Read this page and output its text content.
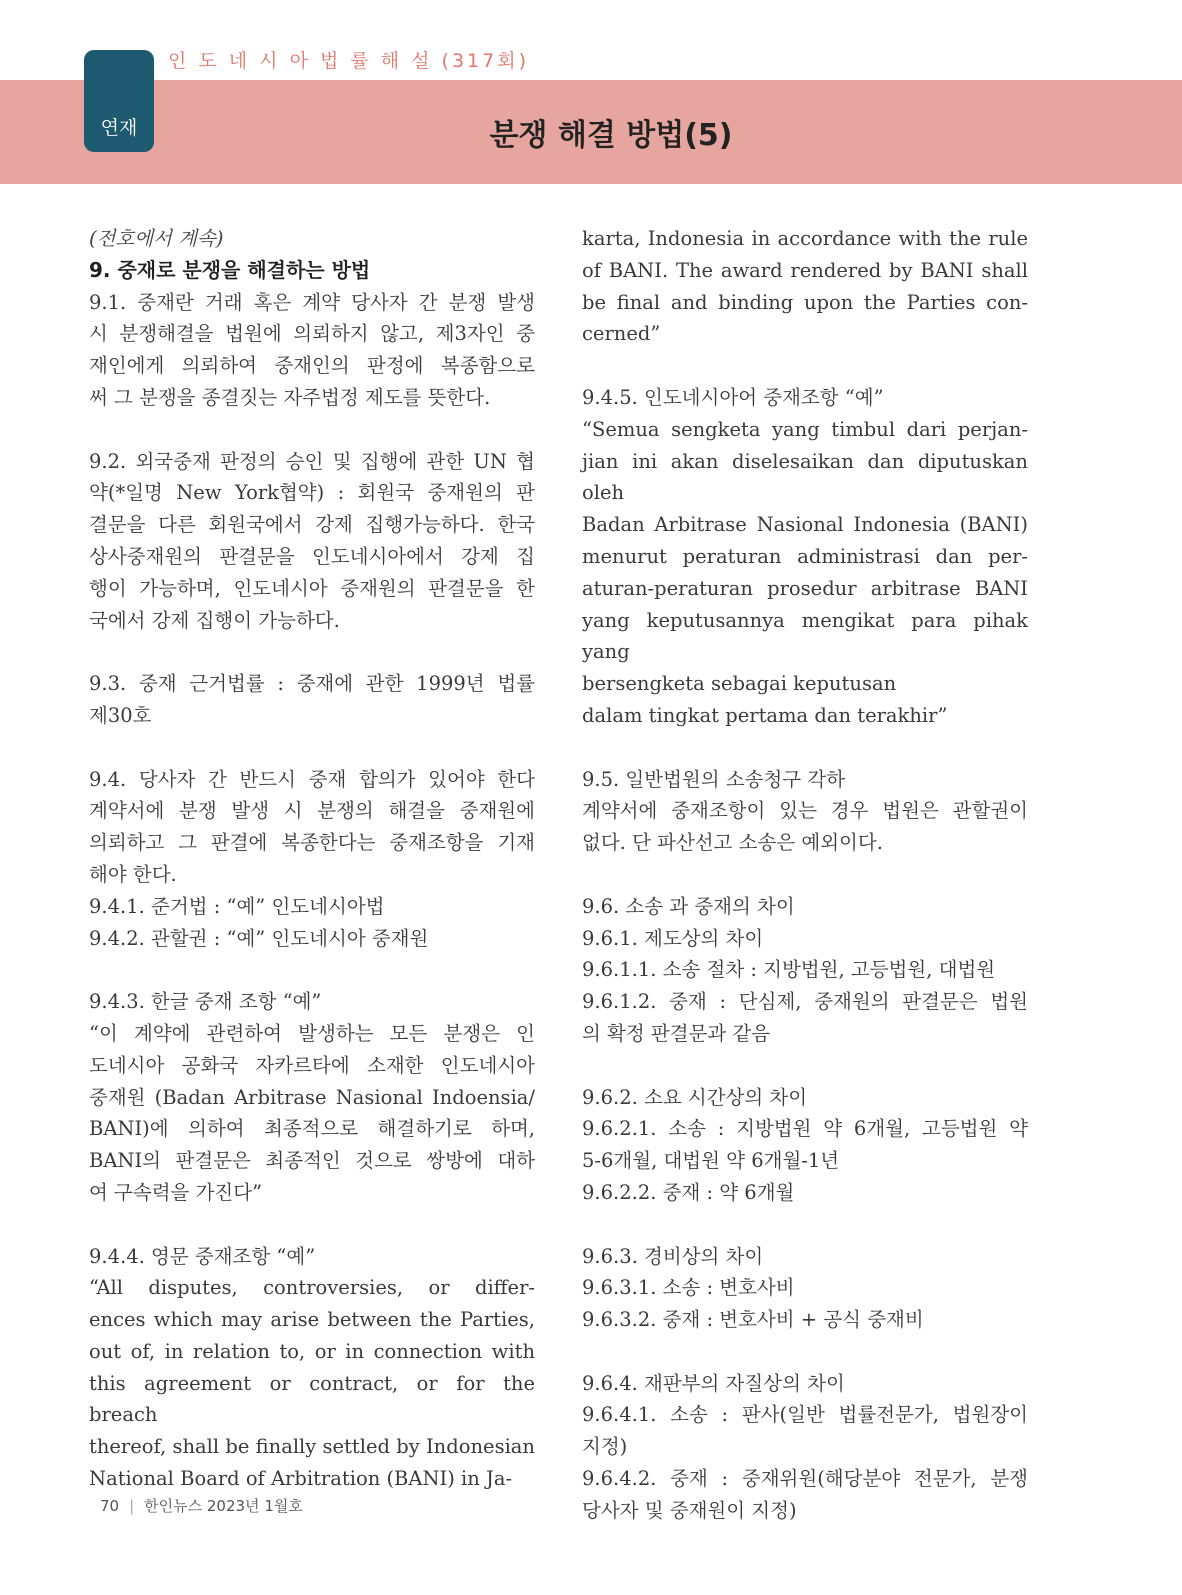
인 도 네 시 아 법 률 해 설 (317회)
연재	분쟁 해결 방법(5)
(전호에서 계속)
9. 중재로 분쟁을 해결하는 방법
9.1. 중재란 거래 혹은 계약 당사자 간 분쟁 발생
시 분쟁해결을 법원에 의뢰하지 않고, 제3자인 중
재인에게 의뢰하여 중재인의 판정에 복종함으로
써 그 분쟁을 종결짓는 자주법정 제도를 뜻한다.
9.2. 외국중재 판정의 승인 및 집행에 관한 UN 협
약(*일명 New York협약) : 회원국 중재원의 판
결문을 다른 회원국에서 강제 집행가능하다. 한국
상사중재원의 판결문을 인도네시아에서 강제 집
행이 가능하며, 인도네시아 중재원의 판결문을 한
국에서 강제 집행이 가능하다.
9.3. 중재 근거법률 : 중재에 관한 1999년 법률
제30호
9.4. 당사자 간 반드시 중재 합의가 있어야 한다
계약서에 분쟁 발생 시 분쟁의 해결을 중재원에
의뢰하고 그 판결에 복종한다는 중재조항을 기재
해야 한다.
9.4.1. 준거법 : “예” 인도네시아법
9.4.2. 관할권 : “예” 인도네시아 중재원
9.4.3. 한글 중재 조항 “예”
“이 계약에 관련하여 발생하는 모든 분쟁은 인
도네시아 공화국 자카르타에 소재한 인도네시아
중재원 (Badan Arbitrase Nasional Indoensia/
BANI)에 의하여 최종적으로 해결하기로 하며,
BANI의 판결문은 최종적인 것으로 쌍방에 대하
여 구속력을 가진다”
9.4.4. 영문 중재조항 “예”
“All disputes, controversies, or differ-
ences which may arise between the Parties,
out of, in relation to, or in connection with
this agreement or contract, or for the breach
thereof, shall be finally settled by Indonesian
National Board of Arbitration (BANI) in Ja-
karta, Indonesia in accordance with the rule
of BANI. The award rendered by BANI shall
be final and binding upon the Parties con-
cerned”
9.4.5. 인도네시아어 중재조항 “예”
“Semua sengketa yang timbul dari perjan-
jian ini akan diselesaikan dan diputuskan oleh
Badan Arbitrase Nasional Indonesia (BANI)
menurut peraturan administrasi dan per-
aturan-peraturan prosedur arbitrase BANI
yang keputusannya mengikat para pihak yang
bersengketa sebagai keputusan
dalam tingkat pertama dan terakhir”
9.5. 일반법원의 소송청구 각하
계약서에 중재조항이 있는 경우 법원은 관할권이
없다. 단 파산선고 소송은 예외이다.
9.6. 소송 과 중재의 차이
9.6.1. 제도상의 차이
9.6.1.1. 소송 절차 : 지방법원, 고등법원, 대법원
9.6.1.2. 중재 : 단심제, 중재원의 판결문은 법원
의 확정 판결문과 같음
9.6.2. 소요 시간상의 차이
9.6.2.1. 소송 : 지방법원 약 6개월, 고등법원 약
5-6개월, 대법원 약 6개월-1년
9.6.2.2. 중재 : 약 6개월
9.6.3. 경비상의 차이
9.6.3.1. 소송 : 변호사비
9.6.3.2. 중재 : 변호사비 + 공식 중재비
9.6.4. 재판부의 자질상의 차이
9.6.4.1. 소송 : 판사(일반 법률전문가, 법원장이
지정)
9.6.4.2. 중재 : 중재위원(해당분야 전문가, 분쟁
당사자 및 중재원이 지정)
70 | 한인뉴스 2023년 1월호
